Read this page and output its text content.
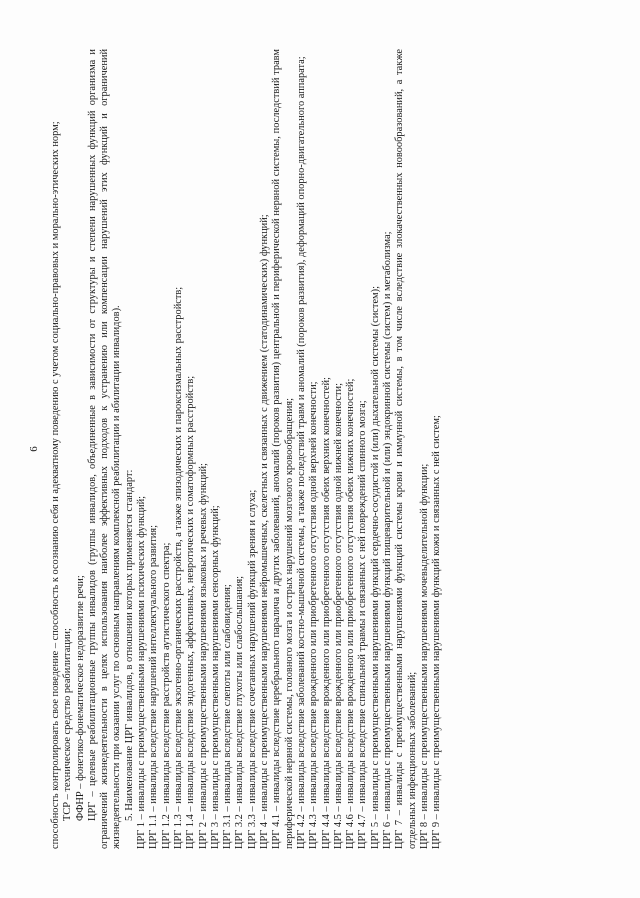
6 способность контролировать свое поведение – способность к осознанию себя и адекватному поведению с учетом социально-правовых и морально-этических норм; ТСР – техническое средство реабилитации; ФФНР – фонетико-фонематическое недоразвитие речи; ЦРГ – целевые реабилитационные группы инвалидов (группы инвалидов, объединенные в зависимости от структуры и степени нарушенных функций организма и ограничений жизнедеятельности в целях использования наиболее эффективных подходов к устранению или компенсации нарушений этих функций и ограничений жизнедеятельности при оказании услуг по основным направлениям комплексной реабилитации и абилитации инвалидов). 5. Наименование ЦРГ инвалидов, в отношении которых применяется стандарт: ЦРГ 1 – инвалиды с преимущественными нарушениями психических функций; ЦРГ 1.1 – инвалиды вследствие нарушений интеллектуального развития; ЦРГ 1.2 – инвалиды вследствие расстройств аутистического спектра; ЦРГ 1.3 – инвалиды вследствие экзогенно-органических расстройств, а также эпизодических и пароксизмальных расстройств; ЦРГ 1.4 – инвалиды вследствие эндогенных, аффективных, невротических и соматоформных расстройств; ЦРГ 2 – инвалиды с преимущественными нарушениями языковых и речевых функций; ЦРГ 3 – инвалиды с преимущественными нарушениями сенсорных функций; ЦРГ 3.1 – инвалиды вследствие слепоты или слабовидения; ЦРГ 3.2 – инвалиды вследствие глухоты или слабослышания; ЦРГ 3.3 – инвалиды вследствие сочетанных нарушений функций зрения и слуха; ЦРГ 4 – инвалиды с преимущественными нарушениями нейромышечных, скелетных и связанных с движением (статодинамических) функций; ЦРГ 4.1 – инвалиды вследствие церебрального паралича и других заболеваний, аномалий (пороков развития) центральной и периферической нервной системы, последствий травм периферической нервной системы, головного мозга и острых нарушений мозгового кровообращения; ЦРГ 4.2 – инвалиды вследствие заболеваний костно-мышечной системы, а также последствий травм и аномалий (пороков развития), деформаций опорно-двигательного аппарата; ЦРГ 4.3 – инвалиды вследствие врожденного или приобретенного отсутствия одной верхней конечности; ЦРГ 4.4 – инвалиды вследствие врожденного или приобретенного отсутствия обеих верхних конечностей; ЦРГ 4.5 – инвалиды вследствие врожденного или приобретенного отсутствия одной нижней конечности; ЦРГ 4.6 – инвалиды вследствие врожденного или приобретенного отсутствия обеих нижних конечностей; ЦРГ 4.7 – инвалиды вследствие спинальной травмы и связанных с ней повреждений спинного мозга; ЦРГ 5 – инвалиды с преимущественными нарушениями функций сердечно-сосудистой и (или) дыхательной системы (систем); ЦРГ 6 – инвалиды с преимущественными нарушениями функций пищеварительной и (или) эндокринной системы (систем) и метаболизма; ЦРГ 7 – инвалиды с преимущественными нарушениями функций системы крови и иммунной системы, в том числе вследствие злокачественных новообразований, а также отдельных инфекционных заболеваний; ЦРГ 8 – инвалиды с преимущественными нарушениями мочевыделительной функции; ЦРГ 9 – инвалиды с преимущественными нарушениями функций кожи и связанных с ней систем;
